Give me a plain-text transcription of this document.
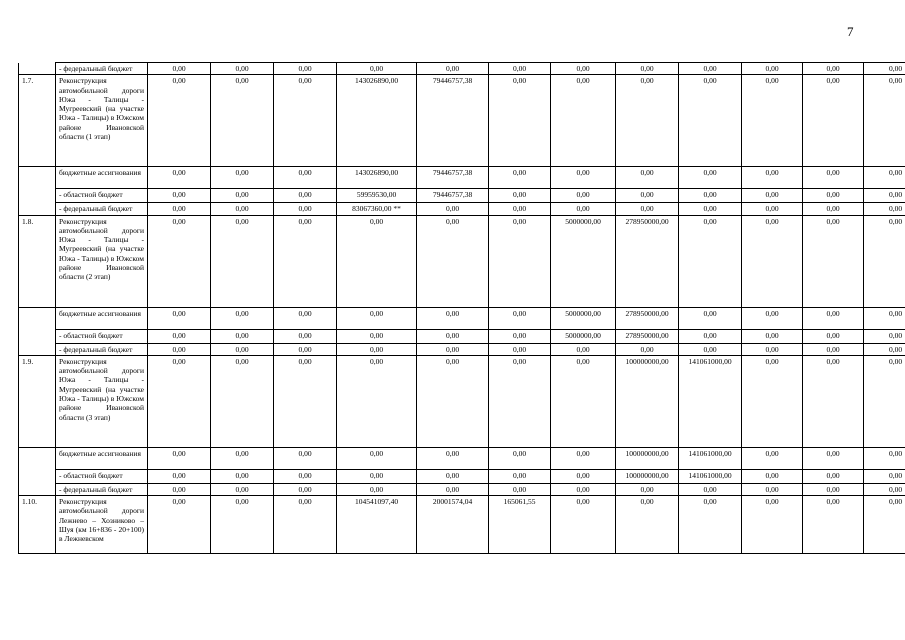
7
	- федеральный бюджет	0,00	0,00	0,00	0,00	0,00	0,00	0,00	0,00	0,00	0,00	0,00	0,00
1.7.	Реконструкция автомобильной дороги Южа - Талицы - Мугреевский (на участке Южа - Талицы) в Южском районе Ивановской области (1 этап)	0,00	0,00	0,00	143026890,00	79446757,38	0,00	0,00	0,00	0,00	0,00	0,00	0,00
	бюджетные ассигнования	0,00	0,00	0,00	143026890,00	79446757,38	0,00	0,00	0,00	0,00	0,00	0,00	0,00
	- областной бюджет	0,00	0,00	0,00	59959530,00	79446757,38	0,00	0,00	0,00	0,00	0,00	0,00	0,00
	- федеральный бюджет	0,00	0,00	0,00	83067360,00 **	0,00	0,00	0,00	0,00	0,00	0,00	0,00	0,00
1.8.	Реконструкция автомобильной дороги Южа - Талицы - Мугреевский (на участке Южа - Талицы) в Южском районе Ивановской области (2 этап)	0,00	0,00	0,00	0,00	0,00	0,00	5000000,00	278950000,00	0,00	0,00	0,00	0,00
	бюджетные ассигнования	0,00	0,00	0,00	0,00	0,00	0,00	5000000,00	278950000,00	0,00	0,00	0,00	0,00
	- областной бюджет	0,00	0,00	0,00	0,00	0,00	0,00	5000000,00	278950000,00	0,00	0,00	0,00	0,00
	- федеральный бюджет	0,00	0,00	0,00	0,00	0,00	0,00	0,00	0,00	0,00	0,00	0,00	0,00
1.9.	Реконструкция автомобильной дороги Южа - Талицы - Мугреевский (на участке Южа - Талицы) в Южском районе Ивановской области (3 этап)	0,00	0,00	0,00	0,00	0,00	0,00	0,00	100000000,00	141061000,00	0,00	0,00	0,00
	бюджетные ассигнования	0,00	0,00	0,00	0,00	0,00	0,00	0,00	100000000,00	141061000,00	0,00	0,00	0,00
	- областной бюджет	0,00	0,00	0,00	0,00	0,00	0,00	0,00	100000000,00	141061000,00	0,00	0,00	0,00
	- федеральный бюджет	0,00	0,00	0,00	0,00	0,00	0,00	0,00	0,00	0,00	0,00	0,00	0,00
1.10.	Реконструкция автомобильной дороги Лежнево – Хозниково – Шуя (км 16+836 - 20+100) в Лежневском	0,00	0,00	0,00	104541097,40	20001574,04	165061,55	0,00	0,00	0,00	0,00	0,00	0,00
